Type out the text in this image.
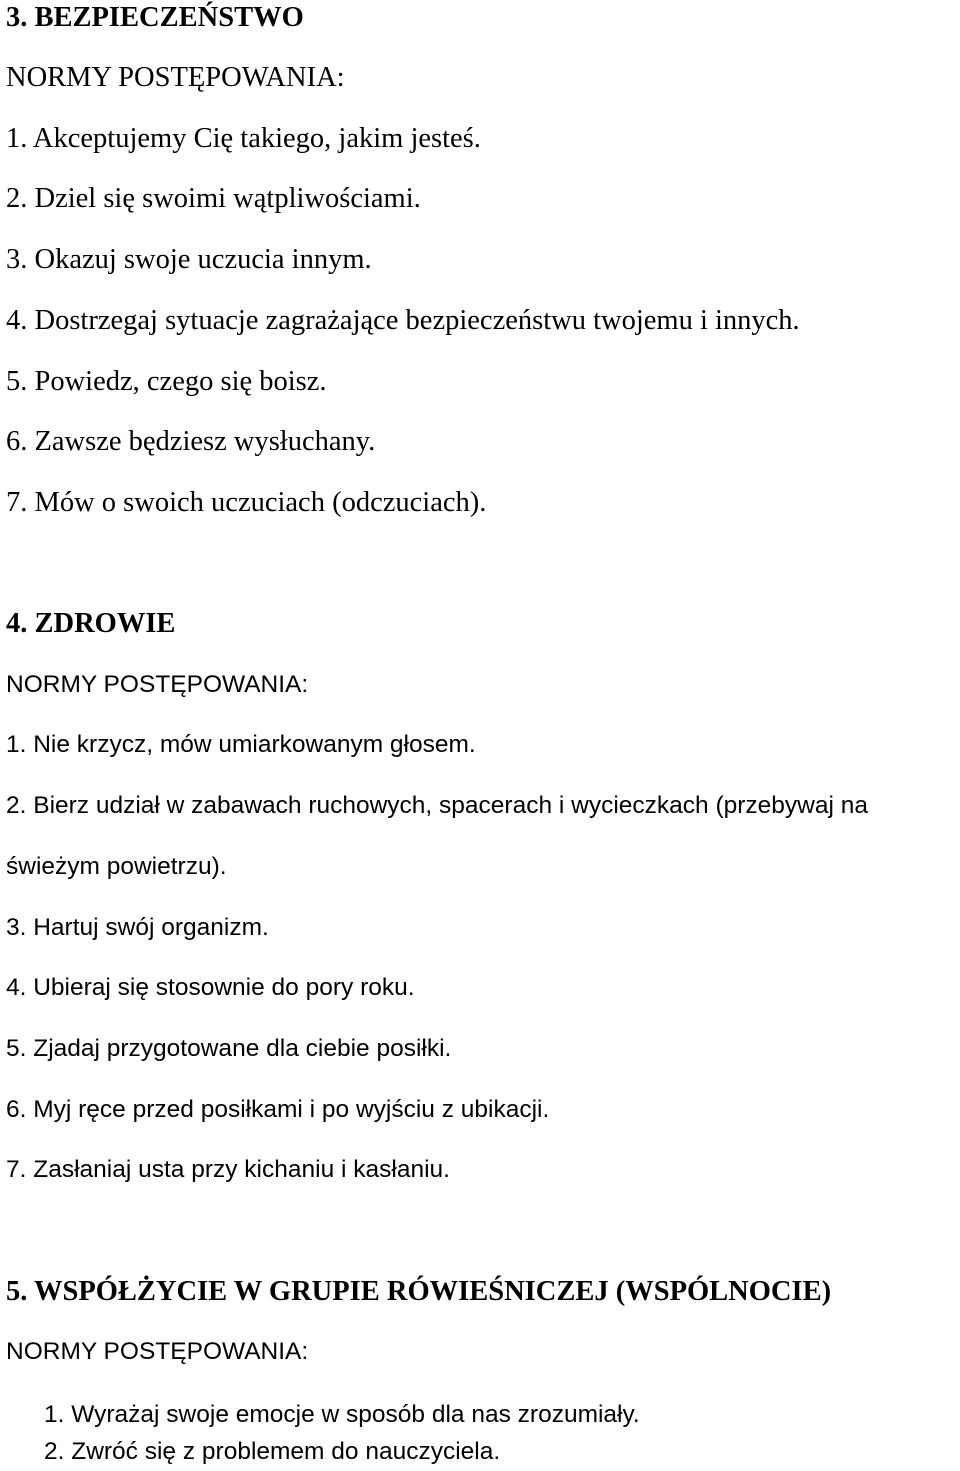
3. BEZPIECZEŃSTWO
NORMY POSTĘPOWANIA:
1. Akceptujemy Cię takiego, jakim jesteś.
2. Dziel się swoimi wątpliwościami.
3. Okazuj swoje uczucia innym.
4. Dostrzegaj sytuacje zagrażające bezpieczeństwu twojemu i innych.
5. Powiedz, czego się boisz.
6. Zawsze będziesz wysłuchany.
7. Mów o swoich uczuciach (odczuciach).
4. ZDROWIE
NORMY POSTĘPOWANIA:
1. Nie krzycz, mów umiarkowanym głosem.
2. Bierz udział w zabawach ruchowych, spacerach i wycieczkach (przebywaj na
świeżym powietrzu).
3. Hartuj swój organizm.
4. Ubieraj się stosownie do pory roku.
5. Zjadaj przygotowane dla ciebie posiłki.
6. Myj ręce przed posiłkami i po wyjściu z ubikacji.
7. Zasłaniaj usta przy kichaniu i kasłaniu.
5. WSPÓŁŻYCIE W GRUPIE RÓWIEŚNICZEJ (WSPÓLNOCIE)
NORMY POSTĘPOWANIA:
1. Wyrażaj swoje emocje w sposób dla nas zrozumiały.
2. Zwróć się z problemem do nauczyciela.
